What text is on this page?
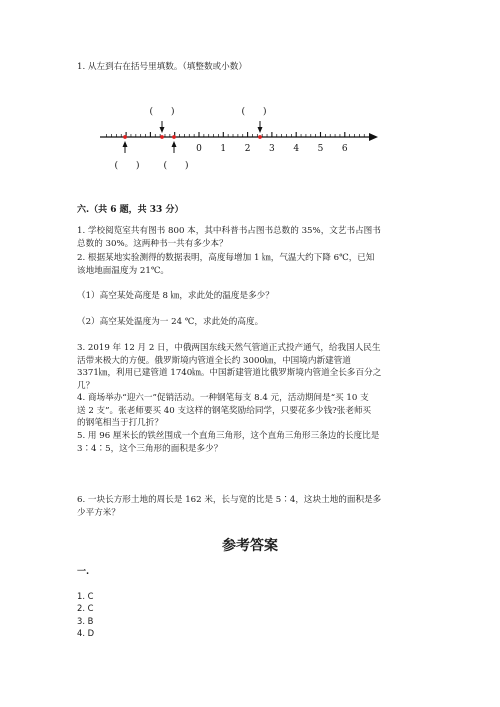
1. 从左到右在括号里填数。（填整数或小数）
0 1 2 3 4 5 6
(　　)	(　　)
(　　)	(　　)
六.（共 6 题，共 33 分）
1. 学校阅览室共有图书 800 本，其中科普书占图书总数的 35%，文艺书占图书
总数的 30%。这两种书一共有多少本？
2. 根据某地实验测得的数据表明，高度每增加 1 ㎞，气温大约下降 6℃，已知
该地地面温度为 21℃。
（1）高空某处高度是 8 ㎞，求此处的温度是多少？
（2）高空某处温度为一 24 ℃，求此处的高度。
3. 2019 年 12 月 2 日，中俄两国东线天然气管道正式投产通气，给我国人民生
活带来极大的方便。俄罗斯境内管道全长约 3000㎞，中国境内新建管道
3371㎞，利用已建管道 1740㎞。中国新建管道比俄罗斯境内管道全长多百分之
几？
4. 商场举办“迎六一”促销活动。一种钢笔每支 8.4 元，活动期间是“买 10 支
送 2 支”。张老师要买 40 支这样的钢笔奖励给同学，只要花多少钱?张老师买
的钢笔相当于打几折？
5. 用 96 厘米长的铁丝围成一个直角三角形，这个直角三角形三条边的长度比是
3∶4∶5，这个三角形的面积是多少？
6. 一块长方形土地的周长是 162 米，长与宽的比是 5∶4，这块土地的面积是多
少平方米？
参考答案
一.
1. C
2. C
3. B
4. D
